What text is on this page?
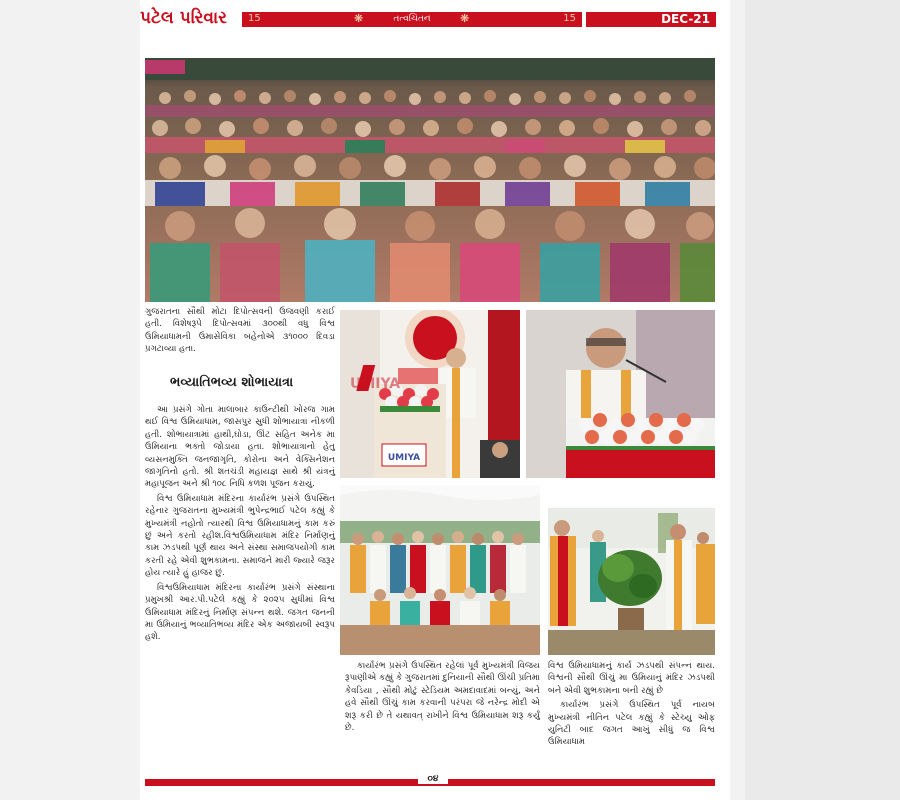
પટેલ પરિવાર 15	❋	તત્વચિંતન	❋	15	DEC-21

ગુજરાતના સૌથી મોટા દિપોત્સવની ઉજવણી કરાઈ હતી. વિશેષરૂપે દિપોત્સવમાં ૩૦૦થી વધુ વિશ્વ ઉમિયાધામની ઉમાસેવિકા બહેનોએ ૩૧૦૦૦ દિવડા પ્રગટાવ્યા હતા.

ભવ્યાતિભવ્ય શોભાયાત્રા

આ પ્રસંગે ગોતા માલાબાર કાઉન્ટીથી ખોરજ ગામ થઈ વિશ્વ ઉમિયાધામ, જાસપુર સુધી શોભાયાત્રા નીકળી હતી. શોભાયાત્રામાં હાથી,ઘોડા, ઊંટ સહિત અનેક મા ઉમિયાના ભક્તો જોડાયા હતા. શોભાયાત્રાનો હેતુ વ્યસનમુક્તિ જનજાગૃતિ, કોરોના અને વેક્સિનેશન જાગૃતિનો હતો. શ્રી શતચંડી મહાયજ્ઞ સાથે શ્રી યંત્રનું મહાપૂજન અને શ્રી ૧૦૮ નિધિ કળશ પૂજન કરાયું.

વિશ્વ ઉમિયાધામ મંદિરના કાર્યારંભ પ્રસંગે ઉપસ્થિત રહેનાર ગુજરાતના મુખ્યમંત્રી ભુપેન્દ્રભાઈ પટેલ કહ્યું કે મુખ્યમંત્રી નહોતો ત્યારથી વિશ્વ ઉમિયાધામનું કામ કરું છું અને કરતો રહીશ.વિશ્વઉમિયાધામ મંદિર નિર્માણનું કામ ઝડપથી પૂર્ણ થાય અને સંસ્થા સમાજપયોગી કામ કરતી રહે એવી શુભકામના. સમાજને મારી જ્યારે જરૂર હોય ત્યારે હું હાજર છું.

વિશ્વઉમિયાધામ મંદિરના કાર્યારંભ પ્રસંગે સંસ્થાના પ્રમુખશ્રી આર.પી.પટેલે કહ્યું કે ૨૦૨૫ સુધીમાં વિશ્વ ઉમિયાધામ મંદિરનું નિર્માણ સંપન્ન થશે. જગત જનની મા ઉમિયાનું ભવ્યાતિભવ્ય મંદિર એક અજાયબી સ્વરૂપ હશે.

UMIYA
UMIYA

કાર્યારંભ પ્રસંગે ઉપસ્થિત રહેલાં પૂર્વ મુખ્યમંત્રી વિજય રૂપાણીએ કહ્યું કે ગુજરાતમાં દુનિયાની સૌથી ઊંચી પ્રતિમા કેવડિયા , સૌથી મોટું સ્ટેડિયમ અમદાવાદમાં બન્યું, અને હવે સૌથી ઊંચું કામ કરવાની પરંપરા જે નરેન્દ્ર મોદી એ શરૂ કરી છે તે યથાવત્ રાખીને વિશ્વ ઉમિયાધામ શરૂ કર્યું છે.

વિશ્વ ઉમિયાધામનું કાર્ય ઝડપથી સંપન્ન થાય. વિશ્વની સૌથી ઊંચું મા ઉમિયાનું મંદિર ઝડપથી બને એવી શુભકામના બની રહ્યું છે

કાર્યારંભ પ્રસંગે ઉપસ્થિત પૂર્વ નાયબ મુખ્યમંત્રી નીતિન પટેલ કહ્યું કે સ્ટેચ્યુ ઓફ યુનિટી બાદ જગત આખું સીધું જ વિશ્વ ઉમિયાધામ

૦૪
